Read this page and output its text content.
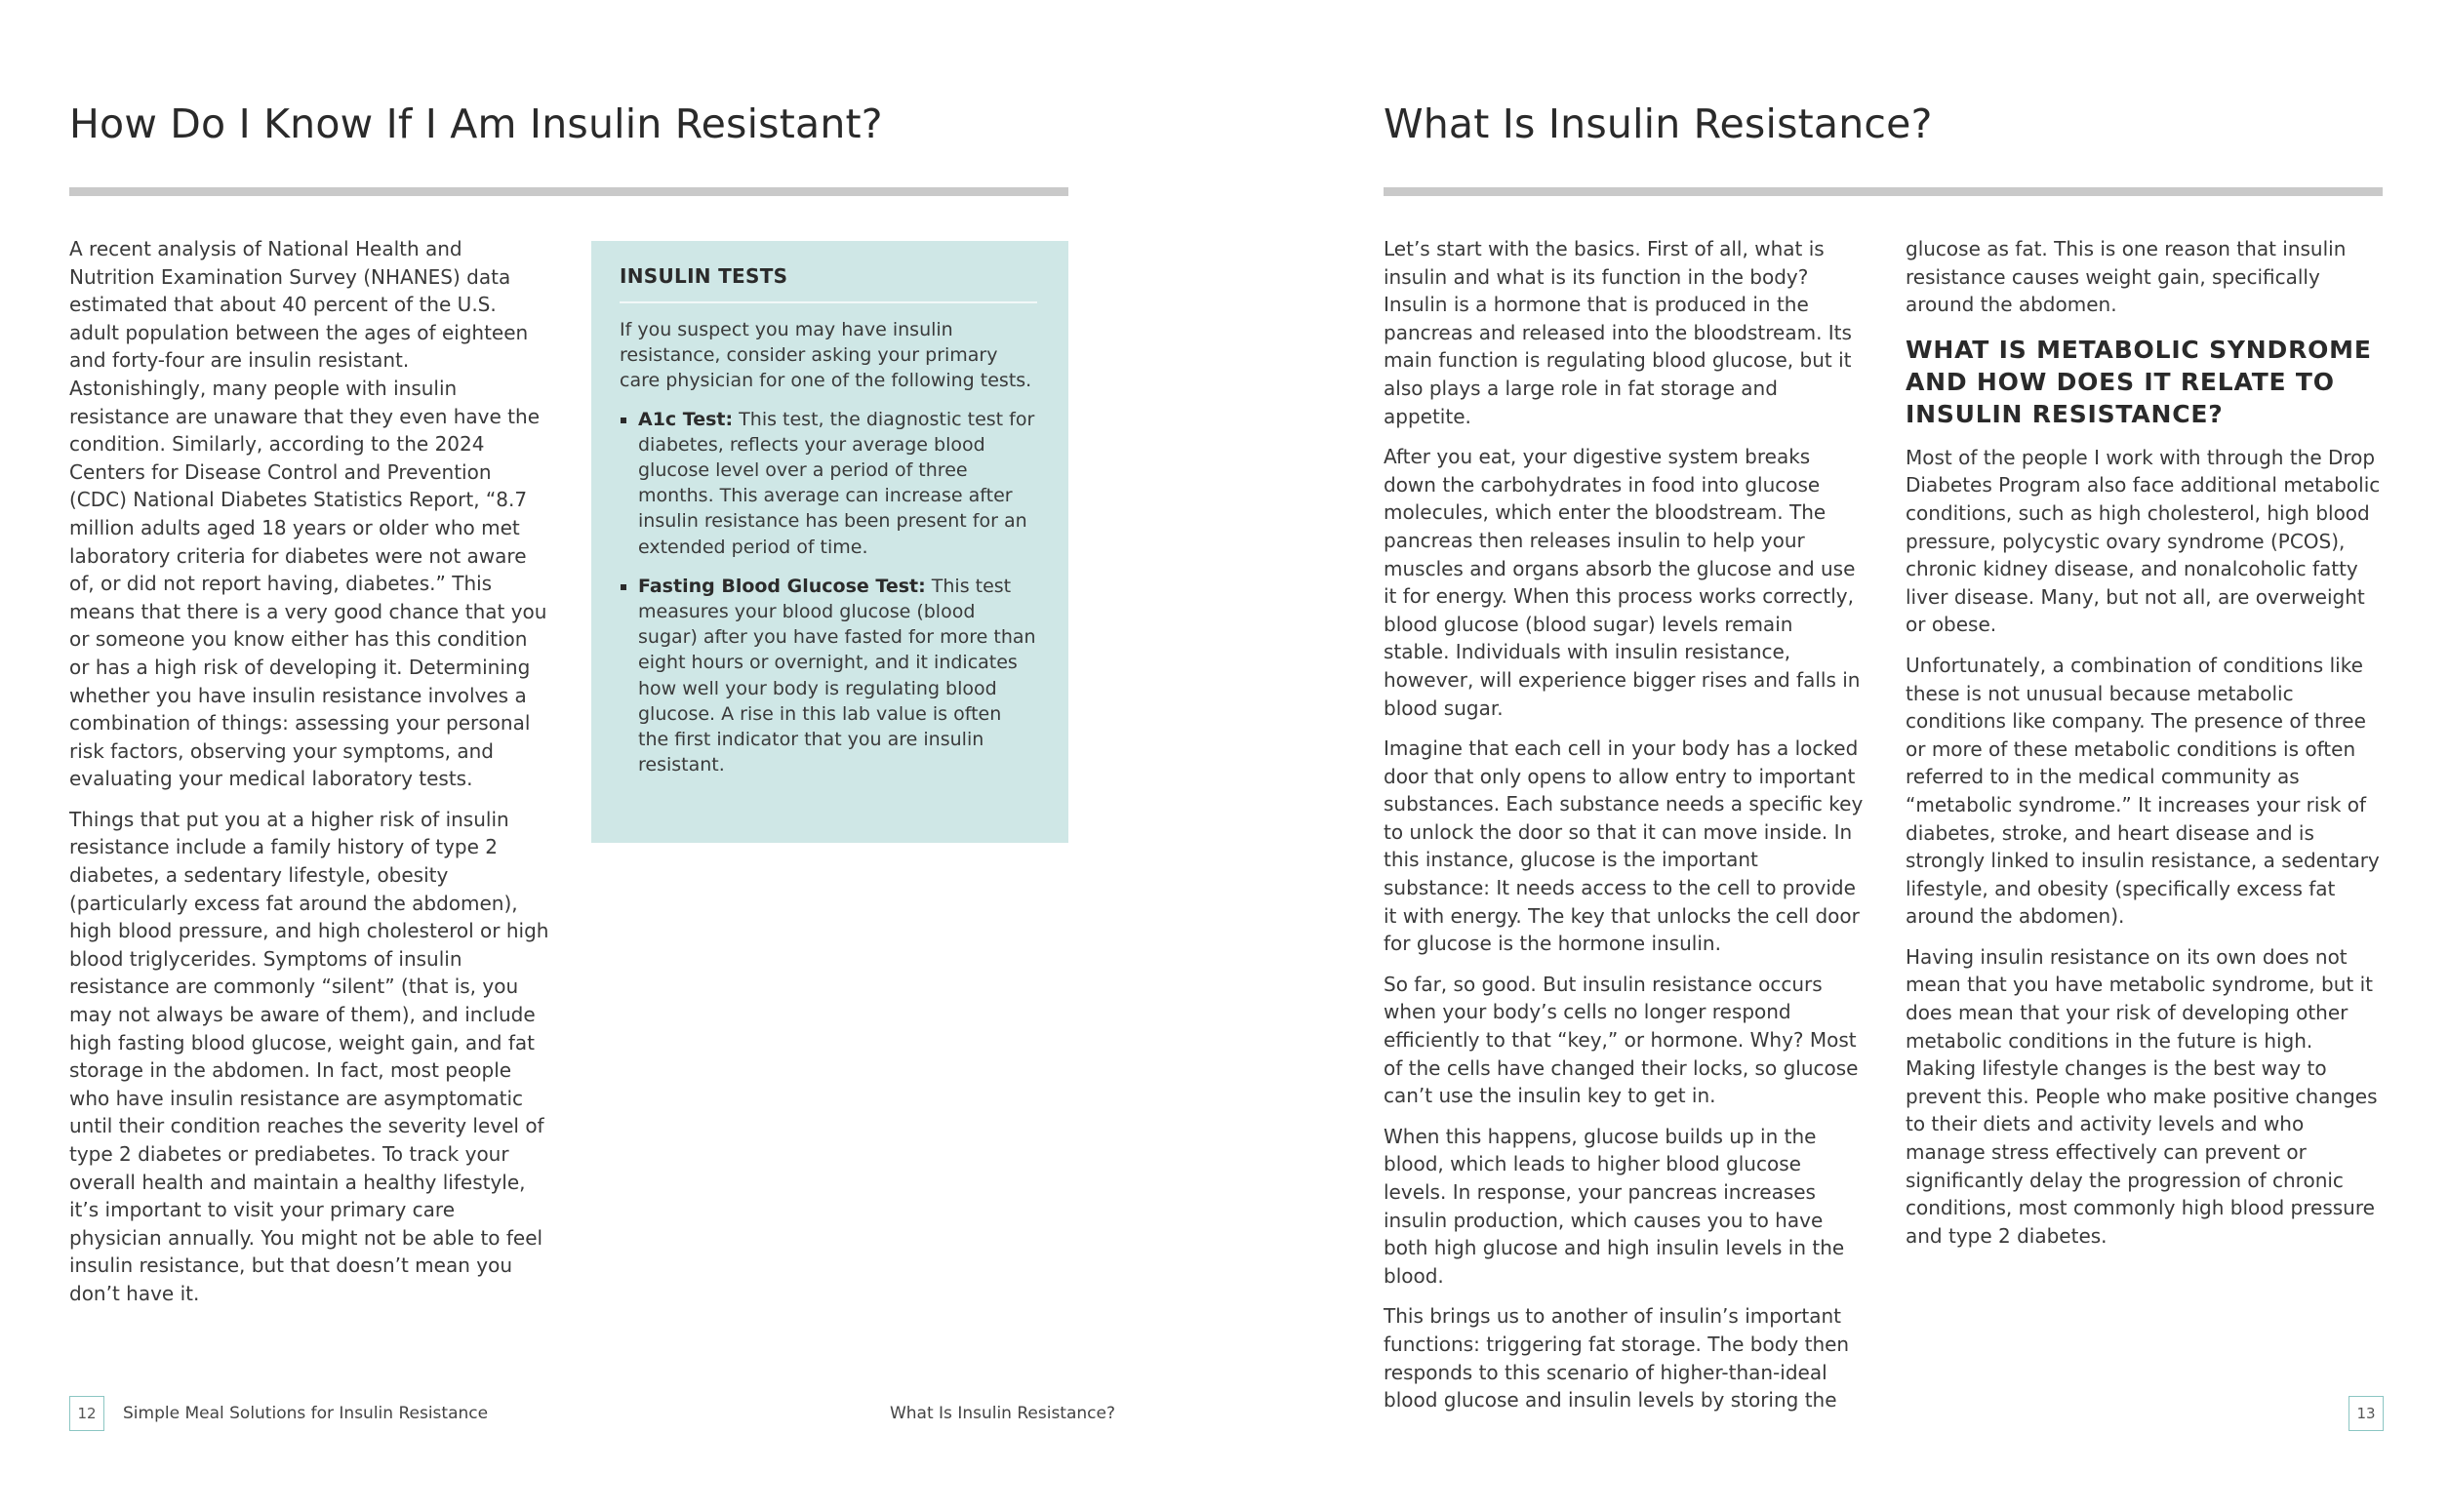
How Do I Know If I Am Insulin Resistant?

A recent analysis of National Health and Nutrition Examination Survey (NHANES) data estimated that about 40 percent of the U.S. adult population between the ages of eighteen and forty-four are insulin resistant. Astonishingly, many people with insulin resistance are unaware that they even have the condition. Similarly, according to the 2024 Centers for Disease Control and Prevention (CDC) National Diabetes Statistics Report, “8.7 million adults aged 18 years or older who met laboratory criteria for diabetes were not aware of, or did not report having, diabetes.” This means that there is a very good chance that you or someone you know either has this condition or has a high risk of developing it. Determining whether you have insulin resistance involves a combination of things: assessing your personal risk factors, observing your symptoms, and evaluating your medical laboratory tests.

Things that put you at a higher risk of insulin resistance include a family history of type 2 diabetes, a sedentary lifestyle, obesity (particularly excess fat around the abdomen), high blood pressure, and high cholesterol or high blood triglycerides. Symptoms of insulin resistance are commonly “silent” (that is, you may not always be aware of them), and include high fasting blood glucose, weight gain, and fat storage in the abdomen. In fact, most people who have insulin resistance are asymptomatic until their condition reaches the severity level of type 2 diabetes or prediabetes. To track your overall health and maintain a healthy lifestyle, it’s important to visit your primary care physician annually. You might not be able to feel insulin resistance, but that doesn’t mean you don’t have it.

INSULIN TESTS

If you suspect you may have insulin resistance, consider asking your primary care physician for one of the following tests.

A1c Test: This test, the diagnostic test for diabetes, reflects your average blood glucose level over a period of three months. This average can increase after insulin resistance has been present for an extended period of time.
Fasting Blood Glucose Test: This test measures your blood glucose (blood sugar) after you have fasted for more than eight hours or overnight, and it indicates how well your body is regulating blood glucose. A rise in this lab value is often the first indicator that you are insulin resistant.
12	Simple Meal Solutions for Insulin Resistance
What Is Insulin Resistance?

Let’s start with the basics. First of all, what is insulin and what is its function in the body? Insulin is a hormone that is produced in the pancreas and released into the bloodstream. Its main function is regulating blood glucose, but it also plays a large role in fat storage and appetite.

After you eat, your digestive system breaks down the carbohydrates in food into glucose molecules, which enter the bloodstream. The pancreas then releases insulin to help your muscles and organs absorb the glucose and use it for energy. When this process works correctly, blood glucose (blood sugar) levels remain stable. Individuals with insulin resistance, however, will experience bigger rises and falls in blood sugar.

Imagine that each cell in your body has a locked door that only opens to allow entry to important substances. Each substance needs a specific key to unlock the door so that it can move inside. In this instance, glucose is the important substance: It needs access to the cell to provide it with energy. The key that unlocks the cell door for glucose is the hormone insulin.

So far, so good. But insulin resistance occurs when your body’s cells no longer respond efficiently to that “key,” or hormone. Why? Most of the cells have changed their locks, so glucose can’t use the insulin key to get in.

When this happens, glucose builds up in the blood, which leads to higher blood glucose levels. In response, your pancreas increases insulin production, which causes you to have both high glucose and high insulin levels in the blood.

This brings us to another of insulin’s important functions: triggering fat storage. The body then responds to this scenario of higher-than-ideal blood glucose and insulin levels by storing the

glucose as fat. This is one reason that insulin resistance causes weight gain, specifically around the abdomen.

WHAT IS METABOLIC SYNDROME AND HOW DOES IT RELATE TO INSULIN RESISTANCE?

Most of the people I work with through the Drop Diabetes Program also face additional metabolic conditions, such as high cholesterol, high blood pressure, polycystic ovary syndrome (PCOS), chronic kidney disease, and nonalcoholic fatty liver disease. Many, but not all, are overweight or obese.

Unfortunately, a combination of conditions like these is not unusual because metabolic conditions like company. The presence of three or more of these metabolic conditions is often referred to in the medical community as “metabolic syndrome.” It increases your risk of diabetes, stroke, and heart disease and is strongly linked to insulin resistance, a sedentary lifestyle, and obesity (specifically excess fat around the abdomen).

Having insulin resistance on its own does not mean that you have metabolic syndrome, but it does mean that your risk of developing other metabolic conditions in the future is high. Making lifestyle changes is the best way to prevent this. People who make positive changes to their diets and activity levels and who manage stress effectively can prevent or significantly delay the progression of chronic conditions, most commonly high blood pressure and type 2 diabetes.

What Is Insulin Resistance?	13
